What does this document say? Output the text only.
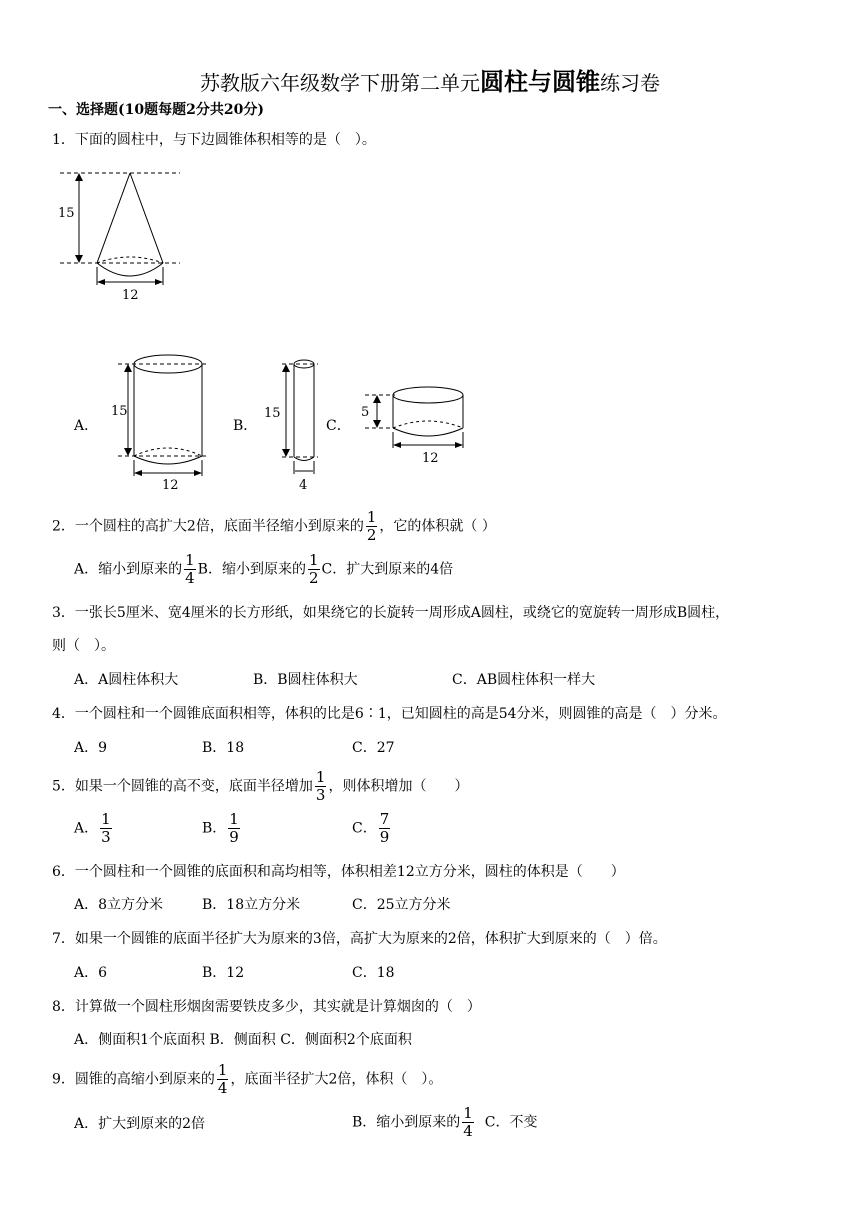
苏教版六年级数学下册第二单元圆柱与圆锥练习卷
一、选择题(10题每题2分共20分)
1．下面的圆柱中，与下边圆锥体积相等的是（　）。
15
12
A．
15
12
B．
15
4
C．
5
12
2．一个圆柱的高扩大2倍，底面半径缩小到原来的 $\frac{1}{2}$ ，它的体积就（ ）
A．缩小到原来的 $\frac{1}{4}$ B．缩小到原来的 $\frac{1}{2}$ C．扩大到原来的4倍
3．一张长5厘米、宽4厘米的长方形纸，如果绕它的长旋转一周形成A圆柱，或绕它的宽旋转一周形成B圆柱，
则（　）。
A．A圆柱体积大	B．B圆柱体积大	C．AB圆柱体积一样大
4．一个圆柱和一个圆锥底面积相等，体积的比是6∶1，已知圆柱的高是54分米，则圆锥的高是（　）分米。
A．9	B．18	C．27
5．如果一个圆锥的高不变，底面半径增加 $\frac{1}{3}$ ，则体积增加（　　）
A． $\frac{1}{3}$	B． $\frac{1}{9}$	C． $\frac{7}{9}$
6．一个圆柱和一个圆锥的底面积和高均相等，体积相差12立方分米，圆柱的体积是（　　）
A．8立方分米	B．18立方分米	C．25立方分米
7．如果一个圆锥的底面半径扩大为原来的3倍，高扩大为原来的2倍，体积扩大到原来的（　）倍。
A．6	B．12	C．18
8．计算做一个圆柱形烟囱需要铁皮多少，其实就是计算烟囱的（　）
A．侧面积1个底面积 B．侧面积 C．侧面积2个底面积
9．圆锥的高缩小到原来的 $\frac{1}{4}$ ，底面半径扩大2倍，体积（　）。
A．扩大到原来的2倍	B．缩小到原来的 $\frac{1}{4}$ C．不变
